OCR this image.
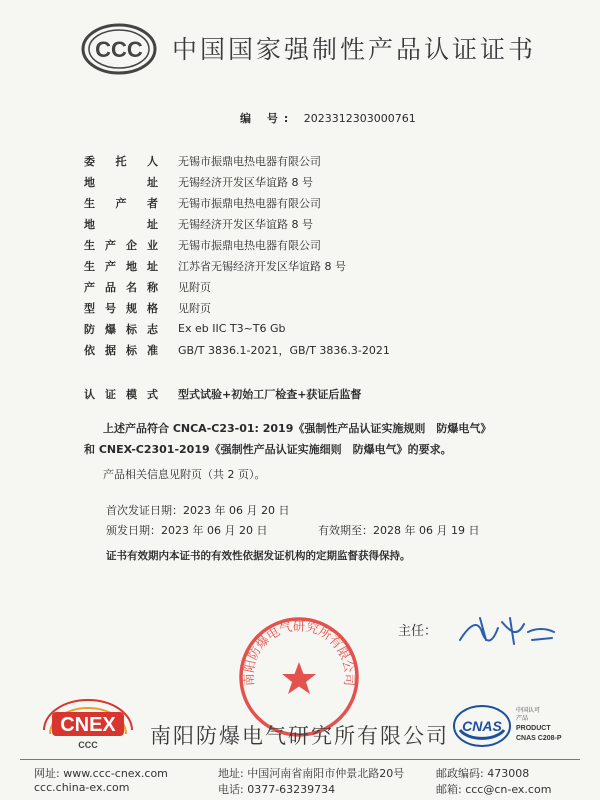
CCC 中国国家强制性产品认证证书
编 号: 2023312303000761
委 托 人 无锡市振鼎电热电器有限公司
地	址 无锡经济开发区华谊路 8 号
生 产 者 无锡市振鼎电热电器有限公司
地	址 无锡经济开发区华谊路 8 号
生 产 企 业 无锡市振鼎电热电器有限公司
生 产 地 址 江苏省无锡经济开发区华谊路 8 号
产 品 名 称 见附页
型 号 规 格 见附页
防 爆 标 志 Ex eb IIC T3~T6 Gb
依 据 标 准 GB/T 3836.1-2021，GB/T 3836.3-2021
认 证 模 式 型式试验+初始工厂检查+获证后监督
上述产品符合 CNCA-C23-01: 2019《强制性产品认证实施规则　防爆电气》
和 CNEX-C2301-2019《强制性产品认证实施细则　防爆电气》的要求。
产品相关信息见附页（共 2 页）。
首次发证日期：2023 年 06 月 20 日
颁发日期：2023 年 06 月 20 日	有效期至：2028 年 06 月 19 日
证书有效期内本证书的有效性依据发证机构的定期监督获得保持。
南阳防爆电气研究所有限公司
主任：
CNEX
CCC 南阳防爆电气研究所有限公司 CNAS
中国认可
产品
PRODUCT
CNAS C208-P
网址: www.ccc-cnex.com
ccc.china-ex.com
地址: 中国河南省南阳市仲景北路20号
电话: 0377-63239734
邮政编码: 473008
邮箱: ccc@cn-ex.com
